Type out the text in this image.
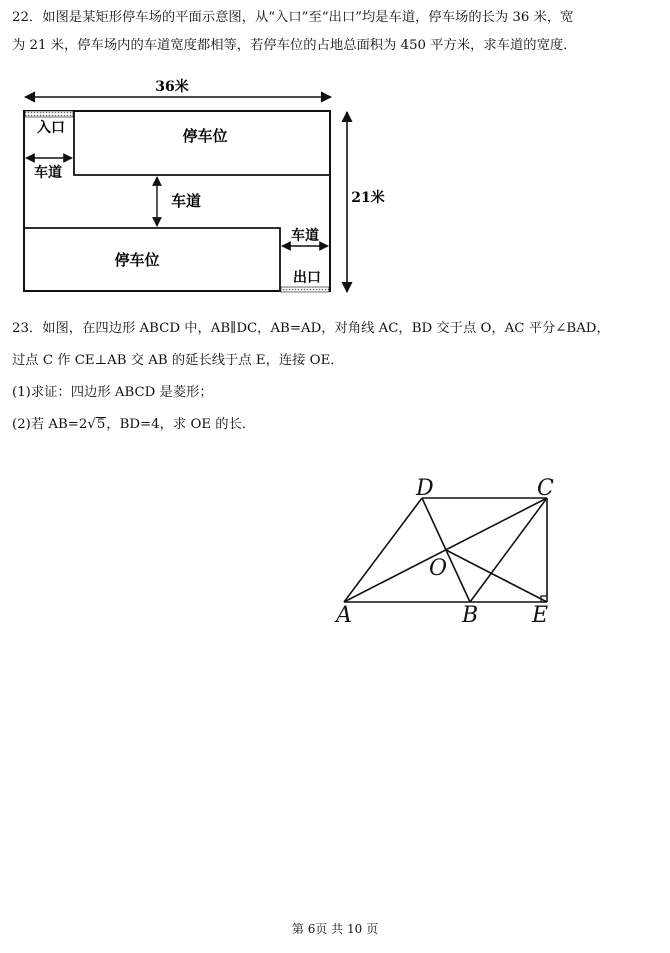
22．如图是某矩形停车场的平面示意图，从“入口”至“出口”均是车道，停车场的长为 36 米，宽
为 21 米，停车场内的车道宽度都相等，若停车位的占地总面积为 450 平方米，求车道的宽度．
36米
21米
入口
出口
停车位
停车位
车道
车道
车道
23．如图，在四边形 ABCD 中，AB∥DC，AB=AD，对角线 AC，BD 交于点 O，AC 平分∠BAD，
过点 C 作 CE⊥AB 交 AB 的延长线于点 E，连接 OE．
(1)求证：四边形 ABCD 是菱形；
(2)若 AB=2√5，BD=4，求 OE 的长．
A	B E
D	C
O
第 6页 共 10 页
